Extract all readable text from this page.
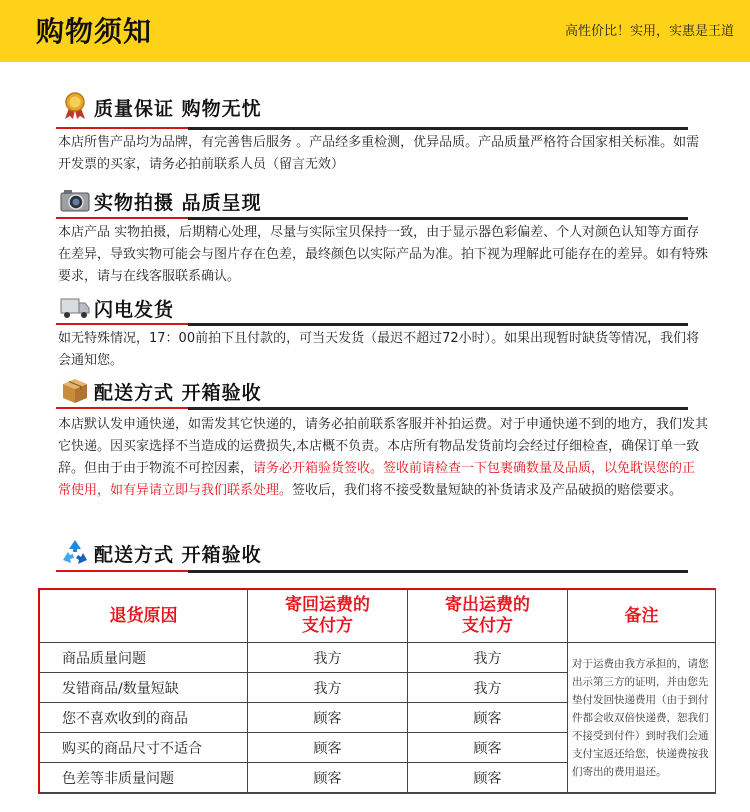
购物须知	高性价比！实用，实惠是王道
质量保证 购物无忧
本店所售产品均为品牌，有完善售后服务 。产品经多重检测，优异品质。产品质量严格符合国家相关标准。如需开发票的买家，请务必拍前联系人员（留言无效）
实物拍摄 品质呈现
本店产品 实物拍摄，后期精心处理，尽量与实际宝贝保持一致，由于显示器色彩偏差、个人对颜色认知等方面存在差异，导致实物可能会与图片存在色差，最终颜色以实际产品为准。拍下视为理解此可能存在的差异。如有特殊要求，请与在线客服联系确认。
闪电发货
如无特殊情况，17：00前拍下且付款的，可当天发货（最迟不超过72小时）。如果出现暂时缺货等情况，我们将会通知您。
配送方式 开箱验收
本店默认发申通快递，如需发其它快递的，请务必拍前联系客服并补拍运费。对于申通快递不到的地方，我们发其它快递。因买家选择不当造成的运费损失,本店概不负责。本店所有物品发货前均会经过仔细检查，确保订单一致辞。但由于由于物流不可控因素，请务必开箱验货签收。签收前请检查一下包裹确数量及品质，以免耽误您的正常使用，如有异请立即与我们联系处理。签收后，我们将不接受数量短缺的补货请求及产品破损的赔偿要求。
配送方式 开箱验收
退货原因	寄回运费的支付方	寄出运费的支付方	备注
商品质量问题	我方	我方	对于运费由我方承担的，请您出示第三方的证明，并由您先垫付发回快递费用（由于到付件都会收双倍快递费，恕我们不接受到付件）到时我们会通支付宝返还给您，快递费按我们寄出的费用退还。
发错商品/数量短缺	我方	我方	
您不喜欢收到的商品	顾客	顾客	
购买的商品尺寸不适合	顾客	顾客	
色差等非质量问题	顾客	顾客	
